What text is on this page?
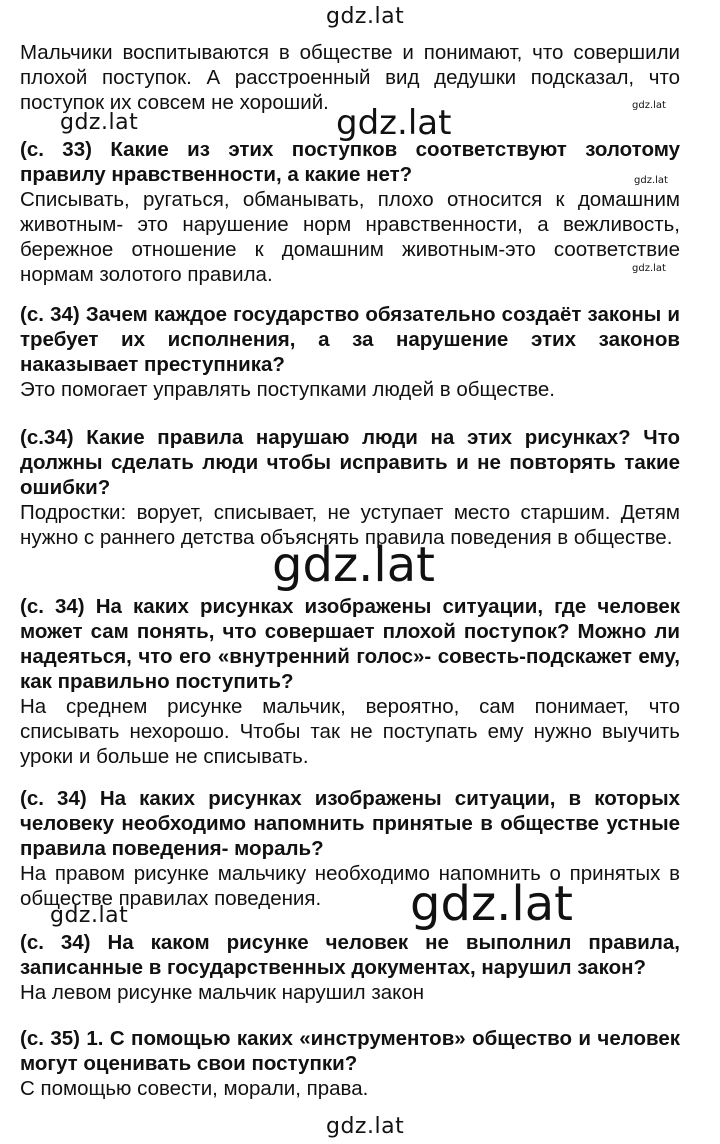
gdz.lat

Мальчики воспитываются в обществе и понимают, что совершили плохой поступок. А расстроенный вид дедушки подсказал, что поступок их совсем не хороший.

gdz.lat	gdz.lat	gdz.lat

(с. 33) Какие из этих поступков соответствуют золотому правилу нравственности, а какие нет?

Списывать, ругаться, обманывать, плохо относится к домашним животным- это нарушение норм нравственности, а вежливость, бережное отношение к домашним животным-это соответствие нормам золотого правила.

gdz.lat
gdz.lat

(с. 34) Зачем каждое государство обязательно создаёт законы и требует их исполнения, а за нарушение этих законов наказывает преступника?

Это помогает управлять поступками людей в обществе.

(с.34) Какие правила нарушаю люди на этих рисунках? Что должны сделать люди чтобы исправить и не повторять такие ошибки?

Подростки: ворует, списывает, не уступает место старшим. Детям нужно с раннего детства объяснять правила поведения в обществе.

gdz.lat

(с. 34) На каких рисунках изображены ситуации, где человек может сам понять, что совершает плохой поступок? Можно ли надеяться, что его «внутренний голос»- совесть-подскажет ему, как правильно поступить?

На среднем рисунке мальчик, вероятно, сам понимает, что списывать нехорошо. Чтобы так не поступать ему нужно выучить уроки и больше не списывать.

(с. 34) На каких рисунках изображены ситуации, в которых человеку необходимо напомнить принятые в обществе устные правила поведения- мораль?

На правом рисунке мальчику необходимо напомнить о принятых в обществе правилах поведения.

gdz.lat	gdz.lat

(с. 34) На каком рисунке человек не выполнил правила, записанные в государственных документах, нарушил закон?

На левом рисунке мальчик нарушил закон

(с. 35) 1. С помощью каких «инструментов» общество и человек могут оценивать свои поступки?

С помощью совести, морали, права.

gdz.lat
